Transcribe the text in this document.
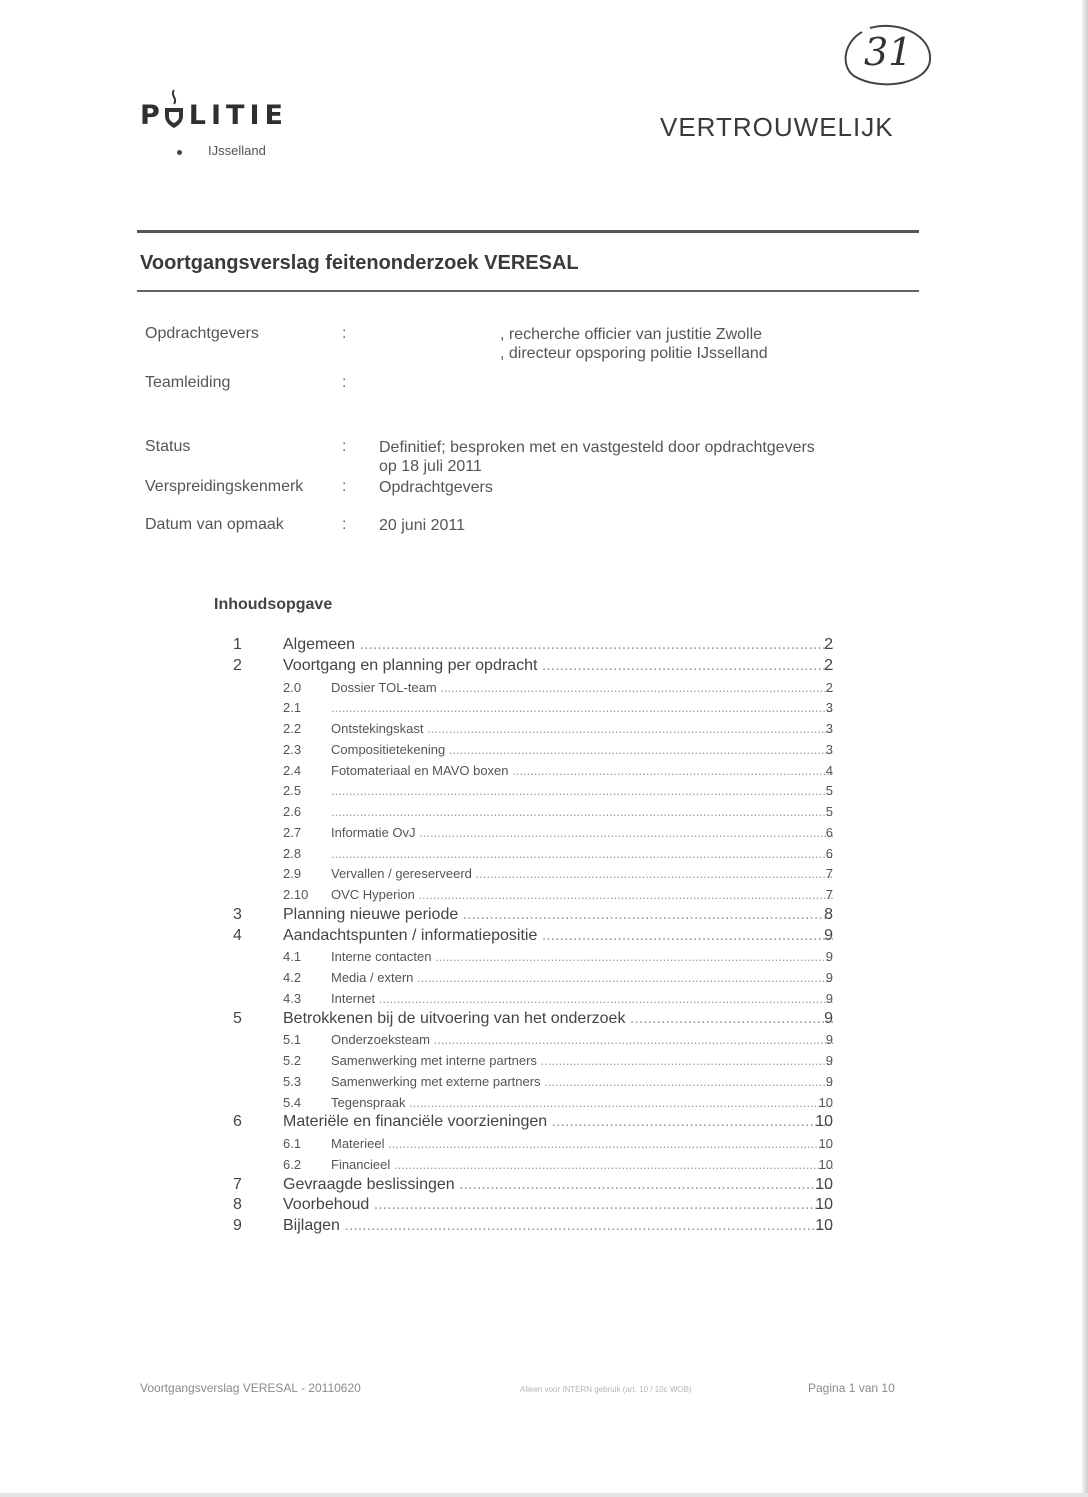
P LITIE
IJsselland
31
VERTROUWELIJK
Voortgangsverslag feitenonderzoek VERESAL
Opdrachtgevers	:	, recherche officier van justitie Zwolle
, directeur opsporing politie IJsselland
Teamleiding	:
Status	: Definitief; besproken met en vastgesteld door opdrachtgevers
op 18 juli 2011
Verspreidingskenmerk : Opdrachtgevers
Datum van opmaak	: 20 juni 2011
Inhoudsopgave
1	Algemeen .....	2
2	Voortgang en planning per opdracht .....	2
2.0 Dossier TOL-team .....	2
2.1 .....	3
2.2 Ontstekingskast .....	3
2.3 Compositietekening .....	3
2.4 Fotomateriaal en MAVO boxen .....	4
2.5 .....	5
2.6 .....	5
2.7 Informatie OvJ .....	6
2.8 .....	6
2.9 Vervallen / gereserveerd .....	7
2.10 OVC Hyperion .....	7
3	Planning nieuwe periode .....	8
4	Aandachtspunten / informatiepositie .....	9
4.1 Interne contacten .....	9
4.2 Media / extern .....	9
4.3 Internet .....	9
5	Betrokkenen bij de uitvoering van het onderzoek .....	9
5.1 Onderzoeksteam .....	9
5.2 Samenwerking met interne partners .....	9
5.3 Samenwerking met externe partners .....	9
5.4 Tegenspraak .....	10
6	Materiële en financiële voorzieningen .....	10
6.1 Materieel .....	10
6.2 Financieel .....	10
7	Gevraagde beslissingen .....	10
8	Voorbehoud .....	10
9	Bijlagen .....	10
Voortgangsverslag VERESAL - 20110620	Alleen voor INTERN gebruik (art. 10 / 10c WOB)	Pagina 1 van 10
